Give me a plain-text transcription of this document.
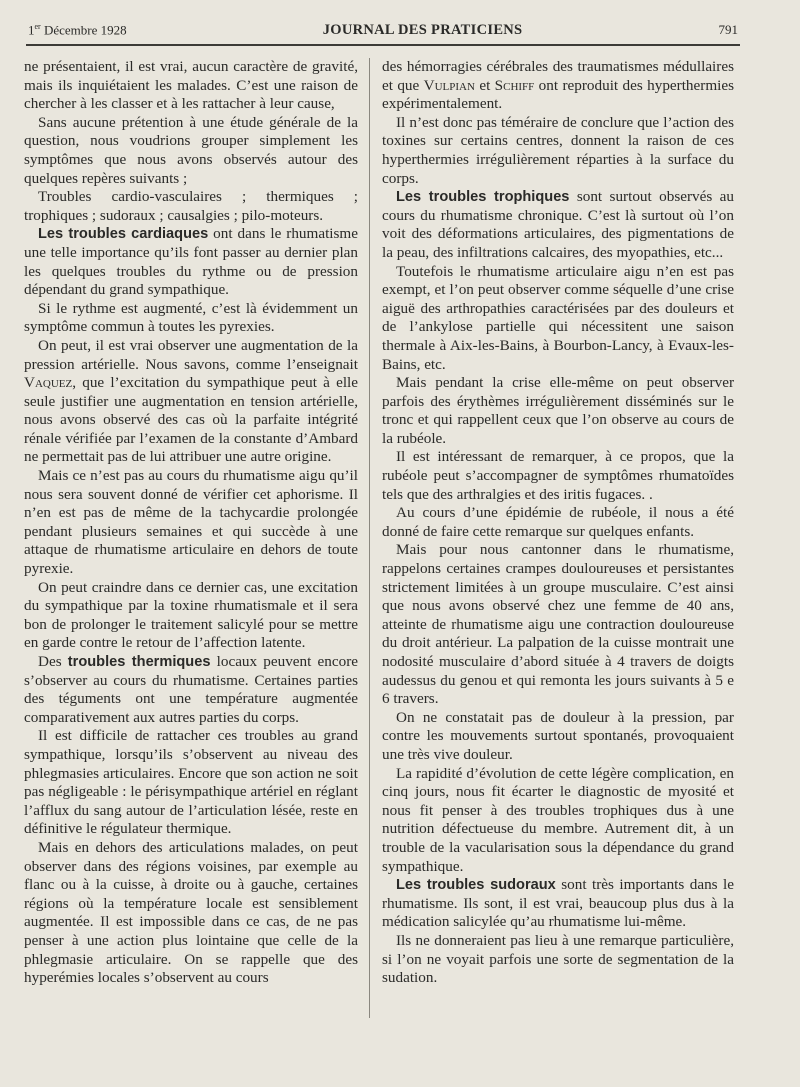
1er Décembre 1928	JOURNAL DES PRATICIENS	791

ne présentaient, il est vrai, aucun caractère de gravité, mais ils inquiétaient les malades. C’est une raison de chercher à les classer et à les rattacher à leur cause,

Sans aucune prétention à une étude générale de la question, nous voudrions grouper simplement les symptômes que nous avons observés autour des quelques repères suivants ;

Troubles cardio-vasculaires ; thermiques ; trophiques ; sudoraux ; causalgies ; pilo-moteurs.

Les troubles cardiaques ont dans le rhumatisme une telle importance qu’ils font passer au dernier plan les quelques troubles du rythme ou de pression dépendant du grand sympathique.

Si le rythme est augmenté, c’est là évidemment un symptôme commun à toutes les pyrexies.

On peut, il est vrai observer une augmentation de la pression artérielle. Nous savons, comme l’enseignait Vaquez, que l’excitation du sympathique peut à elle seule justifier une augmentation en tension artérielle, nous avons observé des cas où la parfaite intégrité rénale vérifiée par l’examen de la constante d’Ambard ne permettait pas de lui attribuer une autre origine.

Mais ce n’est pas au cours du rhumatisme aigu qu’il nous sera souvent donné de vérifier cet aphorisme. Il n’en est pas de même de la tachycardie prolongée pendant plusieurs semaines et qui succède à une attaque de rhumatisme articulaire en dehors de toute pyrexie.

On peut craindre dans ce dernier cas, une excitation du sympathique par la toxine rhumatismale et il sera bon de prolonger le traitement salicylé pour se mettre en garde contre le retour de l’affection latente.

Des troubles thermiques locaux peuvent encore s’observer au cours du rhumatisme. Certaines parties des téguments ont une température augmentée comparativement aux autres parties du corps.

Il est difficile de rattacher ces troubles au grand sympathique, lorsqu’ils s’observent au niveau des phlegmasies articulaires. Encore que son action ne soit pas négligeable : le périsympathique artériel en réglant l’afflux du sang autour de l’articulation lésée, reste en définitive le régulateur thermique.

Mais en dehors des articulations malades, on peut observer dans des régions voisines, par exemple au flanc ou à la cuisse, à droite ou à gauche, certaines régions où la température locale est sensiblement augmentée. Il est impossible dans ce cas, de ne pas penser à une action plus lointaine que celle de la phlegmasie articulaire. On se rappelle que des hyperémies locales s’observent au cours

des hémorragies cérébrales des traumatismes médullaires et que Vulpian et Schiff ont reproduit des hyperthermies expérimentalement.

Il n’est donc pas téméraire de conclure que l’action des toxines sur certains centres, donnent la raison de ces hyperthermies irrégulièrement réparties à la surface du corps.

Les troubles trophiques sont surtout observés au cours du rhumatisme chronique. C’est là surtout où l’on voit des déformations articulaires, des pigmentations de la peau, des infiltrations calcaires, des myopathies, etc...

Toutefois le rhumatisme articulaire aigu n’en est pas exempt, et l’on peut observer comme séquelle d’une crise aiguë des arthropathies caractérisées par des douleurs et de l’ankylose partielle qui nécessitent une saison thermale à Aix-les-Bains, à Bourbon-Lancy, à Evaux-les-Bains, etc.

Mais pendant la crise elle-même on peut observer parfois des érythèmes irrégulièrement disséminés sur le tronc et qui rappellent ceux que l’on observe au cours de la rubéole.

Il est intéressant de remarquer, à ce propos, que la rubéole peut s’accompagner de symptômes rhumatoïdes tels que des arthralgies et des iritis fugaces. .

Au cours d’une épidémie de rubéole, il nous a été donné de faire cette remarque sur quelques enfants.

Mais pour nous cantonner dans le rhumatisme, rappelons certaines crampes douloureuses et persistantes strictement limitées à un groupe musculaire. C’est ainsi que nous avons observé chez une femme de 40 ans, atteinte de rhumatisme aigu une contraction douloureuse du droit antérieur. La palpation de la cuisse montrait une nodosité musculaire d’abord située à 4 travers de doigts audessus du genou et qui remonta les jours suivants à 5 e 6 travers.

On ne constatait pas de douleur à la pression, par contre les mouvements surtout spontanés, provoquaient une très vive douleur.

La rapidité d’évolution de cette légère complication, en cinq jours, nous fit écarter le diagnostic de myosité et nous fit penser à des troubles trophiques dus à une nutrition défectueuse du membre. Autrement dit, à un trouble de la vacularisation sous la dépendance du grand sympathique.

Les troubles sudoraux sont très importants dans le rhumatisme. Ils sont, il est vrai, beaucoup plus dus à la médication salicylée qu’au rhumatisme lui-même.

Ils ne donneraient pas lieu à une remarque particulière, si l’on ne voyait parfois une sorte de segmentation de la sudation.
